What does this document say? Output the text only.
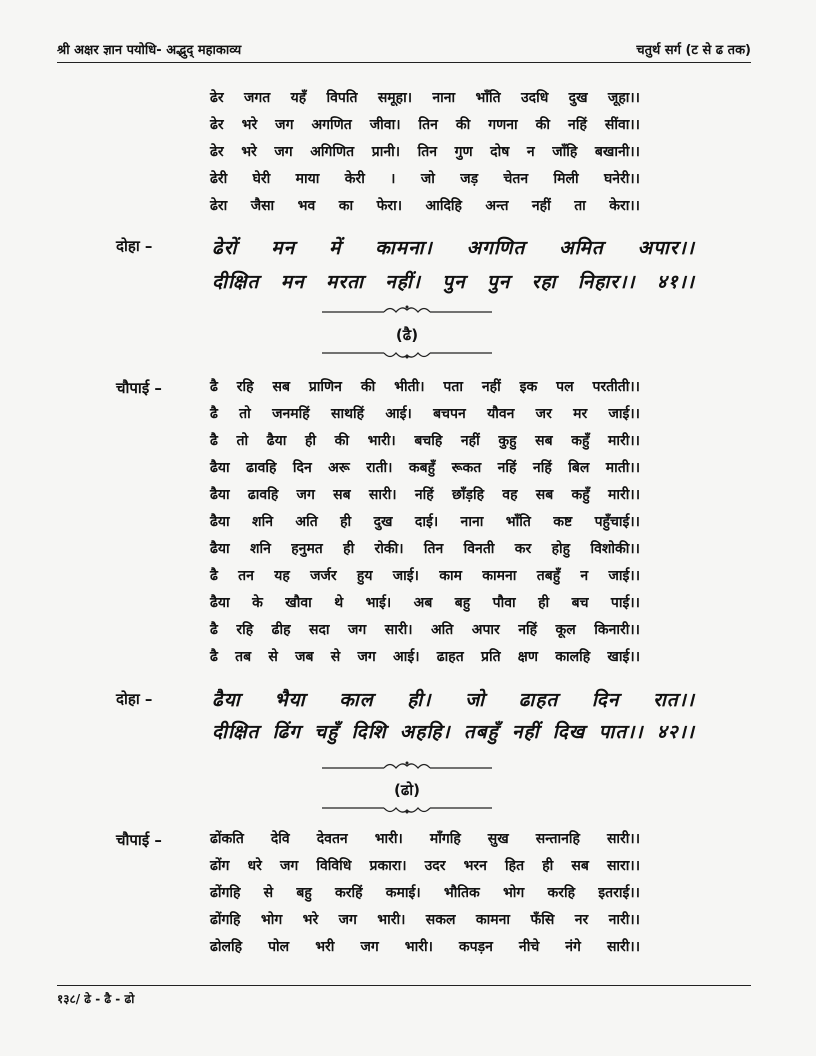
श्री अक्षर ज्ञान पयोधि- अद्भुद् महाकाव्य	चतुर्थ सर्ग (ट से ढ तक)
ढेर जगत यहँ विपति समूहा। नाना भाँति उदधि दुख जूहा।।
ढेर भरे जग अगणित जीवा। तिन की गणना की नहिं सींवा।।
ढेर भरे जग अगिणित प्रानी। तिन गुण दोष न जाँहि बखानी।।
ढेरी घेरी माया केरी । जो जड़ चेतन मिली घनेरी।।
ढेरा जैसा भव का फेरा। आदिहि अन्त नहीं ता केरा।।
दोहा –	ढेरों मन में कामना। अगणित अमित अपार।।
दीक्षित मन मरता नहीं। पुन पुन रहा निहार।। ४१।।
(ढै)
चौपाई –	ढै रहि सब प्राणिन की भीती। पता नहीं इक पल परतीती।।
ढै तो जनमहिं साथहिं आई। बचपन यौवन जर मर जाई।।
ढै तो ढैया ही की भारी। बचहि नहीं कुहु सब कहुँ मारी।।
ढैया ढावहि दिन अरू राती। कबहुँ रूकत नहिं नहिं बिल माती।।
ढैया ढावहि जग सब सारी। नहिं छाँड़हि वह सब कहुँ मारी।।
ढैया शनि अति ही दुख दाई। नाना भाँति कष्ट पहुँचाई।।
ढैया शनि हनुमत ही रोकी। तिन विनती कर होहु विशोकी।।
ढै तन यह जर्जर हुय जाई। काम कामना तबहुँ न जाई।।
ढैया के खौवा थे भाई। अब बहु पौवा ही बच पाई।।
ढै रहि ढीह सदा जग सारी। अति अपार नहिं कूल किनारी।।
ढै तब से जब से जग आई। ढाहत प्रति क्षण कालहि खाई।।
दोहा –	ढैया भैया काल ही। जो ढाहत दिन रात।।
दीक्षित ढिंग चहुँ दिशि अहहि। तबहुँ नहीं दिख पात।। ४२।।
(ढो)
चौपाई –	ढोंकति देवि देवतन भारी। माँगहि सुख सन्तानहि सारी।।
ढोंग धरे जग विविधि प्रकारा। उदर भरन हित ही सब सारा।।
ढोंगहि से बहु करहिं कमाई। भौतिक भोग करहि इतराई।।
ढोंगहि भोग भरे जग भारी। सकल कामना फँसि नर नारी।।
ढोलहि पोल भरी जग भारी। कपड़न नीचे नंगे सारी।।
१३८/ ढे - ढै - ढो
